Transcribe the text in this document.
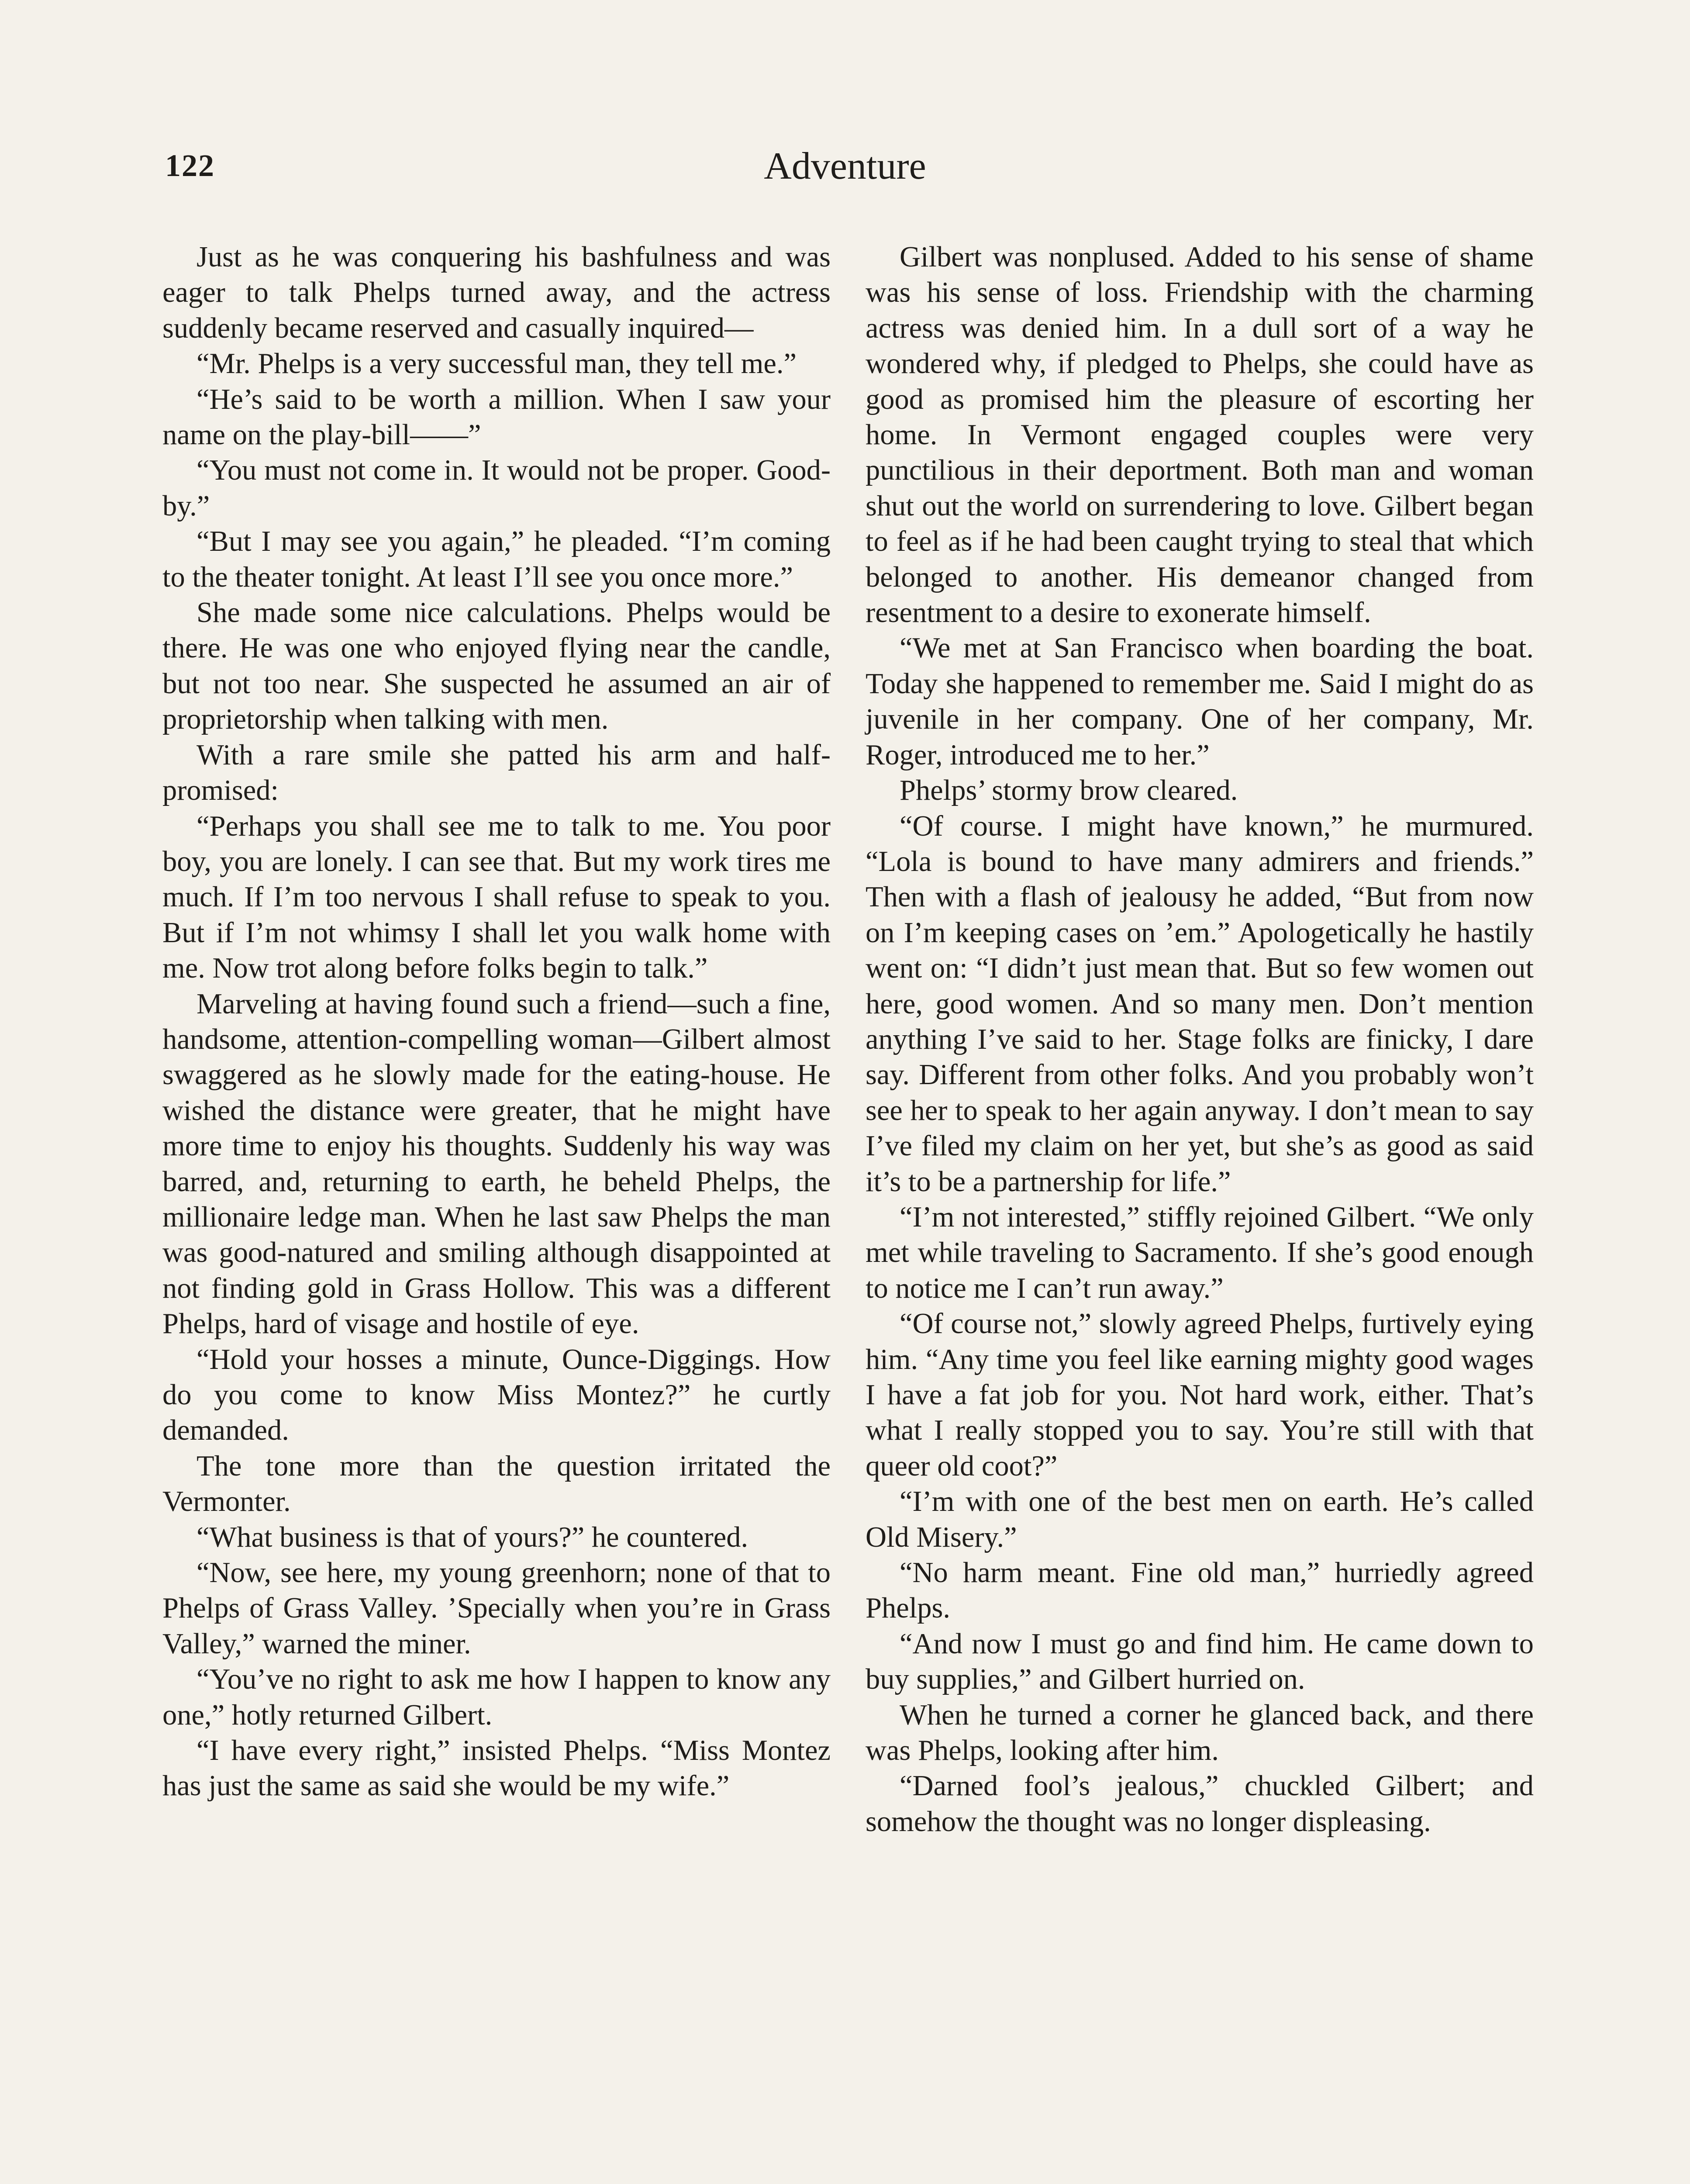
122	Adventure

Just as he was conquering his bashfulness and was eager to talk Phelps turned away, and the actress suddenly became reserved and casually inquired—

“Mr. Phelps is a very successful man, they tell me.”

“He’s said to be worth a million. When I saw your name on the play-bill——”

“You must not come in. It would not be proper. Good-by.”

“But I may see you again,” he pleaded. “I’m coming to the theater tonight. At least I’ll see you once more.”

She made some nice calculations. Phelps would be there. He was one who enjoyed flying near the candle, but not too near. She suspected he assumed an air of proprietorship when talking with men.

With a rare smile she patted his arm and half-promised:

“Perhaps you shall see me to talk to me. You poor boy, you are lonely. I can see that. But my work tires me much. If I’m too nervous I shall refuse to speak to you. But if I’m not whimsy I shall let you walk home with me. Now trot along before folks begin to talk.”

Marveling at having found such a friend—such a fine, handsome, attention-compelling woman—Gilbert almost swaggered as he slowly made for the eating-house. He wished the distance were greater, that he might have more time to enjoy his thoughts. Suddenly his way was barred, and, returning to earth, he beheld Phelps, the millionaire ledge man. When he last saw Phelps the man was good-natured and smiling although disappointed at not finding gold in Grass Hollow. This was a different Phelps, hard of visage and hostile of eye.

“Hold your hosses a minute, Ounce-Diggings. How do you come to know Miss Montez?” he curtly demanded.

The tone more than the question irritated the Vermonter.

“What business is that of yours?” he countered.

“Now, see here, my young greenhorn; none of that to Phelps of Grass Valley. ’Specially when you’re in Grass Valley,” warned the miner.

“You’ve no right to ask me how I happen to know any one,” hotly returned Gilbert.

“I have every right,” insisted Phelps. “Miss Montez has just the same as said she would be my wife.”

Gilbert was nonplused. Added to his sense of shame was his sense of loss. Friendship with the charming actress was denied him. In a dull sort of a way he wondered why, if pledged to Phelps, she could have as good as promised him the pleasure of escorting her home. In Vermont engaged couples were very punctilious in their deportment. Both man and woman shut out the world on surrendering to love. Gilbert began to feel as if he had been caught trying to steal that which belonged to another. His demeanor changed from resentment to a desire to exonerate himself.

“We met at San Francisco when boarding the boat. Today she happened to remember me. Said I might do as juvenile in her company. One of her company, Mr. Roger, introduced me to her.”

Phelps’ stormy brow cleared.

“Of course. I might have known,” he murmured. “Lola is bound to have many admirers and friends.” Then with a flash of jealousy he added, “But from now on I’m keeping cases on ’em.” Apologetically he hastily went on: “I didn’t just mean that. But so few women out here, good women. And so many men. Don’t mention anything I’ve said to her. Stage folks are finicky, I dare say. Different from other folks. And you probably won’t see her to speak to her again anyway. I don’t mean to say I’ve filed my claim on her yet, but she’s as good as said it’s to be a partnership for life.”

“I’m not interested,” stiffly rejoined Gilbert. “We only met while traveling to Sacramento. If she’s good enough to notice me I can’t run away.”

“Of course not,” slowly agreed Phelps, furtively eying him. “Any time you feel like earning mighty good wages I have a fat job for you. Not hard work, either. That’s what I really stopped you to say. You’re still with that queer old coot?”

“I’m with one of the best men on earth. He’s called Old Misery.”

“No harm meant. Fine old man,” hurriedly agreed Phelps.

“And now I must go and find him. He came down to buy supplies,” and Gilbert hurried on.

When he turned a corner he glanced back, and there was Phelps, looking after him.

“Darned fool’s jealous,” chuckled Gilbert; and somehow the thought was no longer displeasing.
